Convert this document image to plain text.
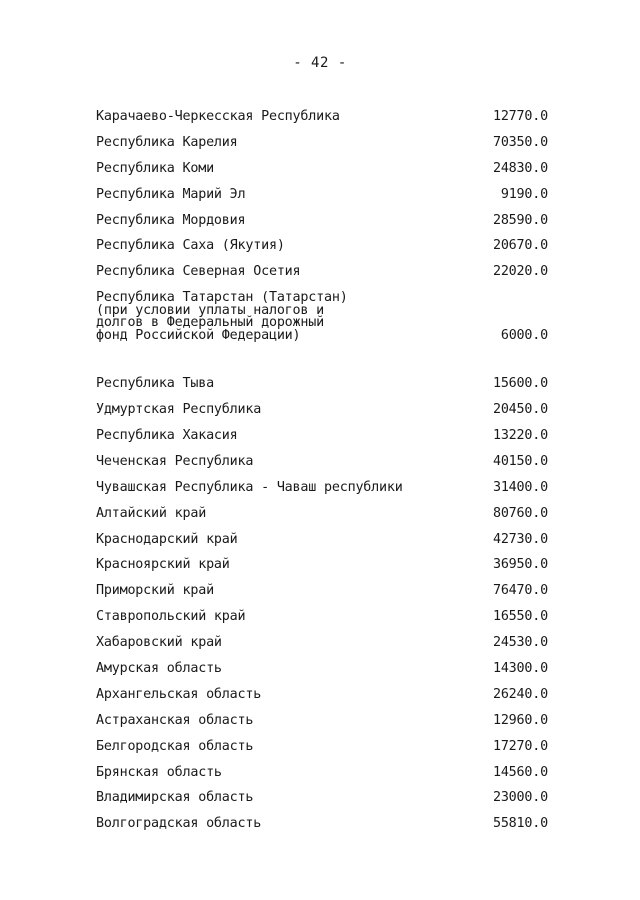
- 42 -
Карачаево-Черкесская Республика	12770.0
Республика Карелия	70350.0
Республика Коми	24830.0
Республика Марий Эл	9190.0
Республика Мордовия	28590.0
Республика Саха (Якутия)	20670.0
Республика Северная Осетия	22020.0
Республика Татарстан (Татарстан)
(при условии уплаты налогов и
долгов в Федеральный дорожный
фонд Российской Федерации)	6000.0
Республика Тыва	15600.0
Удмуртская Республика	20450.0
Республика Хакасия	13220.0
Чеченская Республика	40150.0
Чувашская Республика - Чаваш республики	31400.0
Алтайский край	80760.0
Краснодарский край	42730.0
Красноярский край	36950.0
Приморский край	76470.0
Ставропольский край	16550.0
Хабаровский край	24530.0
Амурская область	14300.0
Архангельская область	26240.0
Астраханская область	12960.0
Белгородская область	17270.0
Брянская область	14560.0
Владимирская область	23000.0
Волгоградская область	55810.0
